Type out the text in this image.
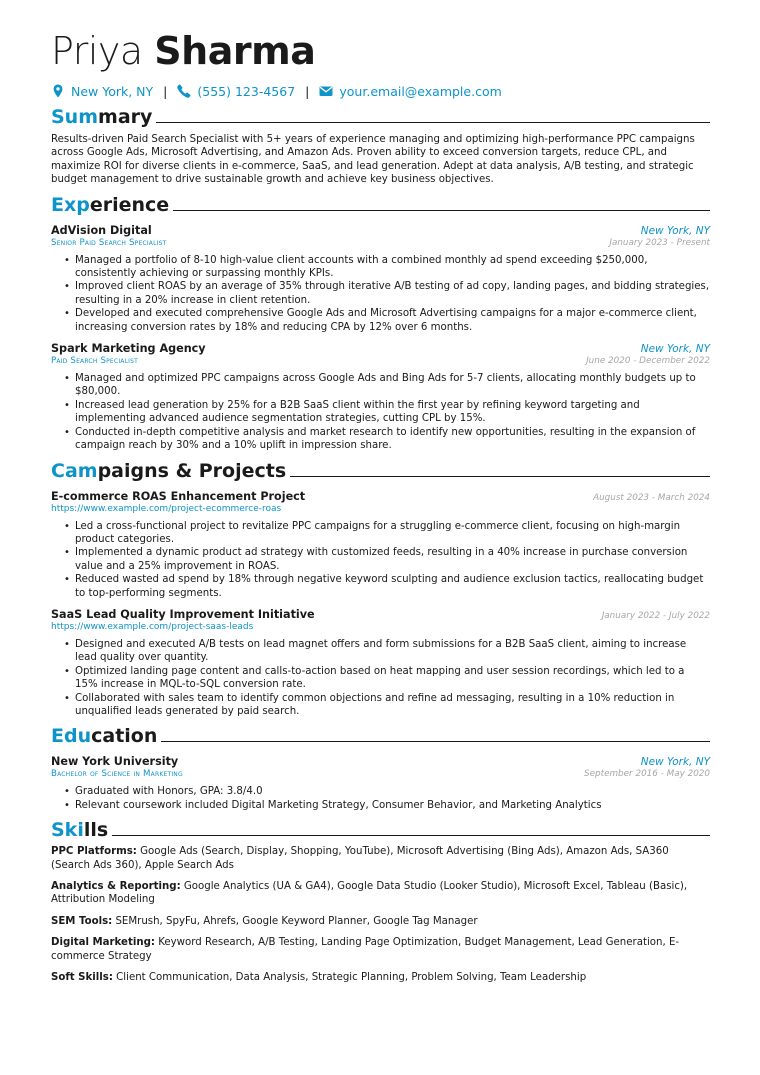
Priya Sharma
New York, NY | (555) 123-4567 | your.email@example.com
Summary

Results-driven Paid Search Specialist with 5+ years of experience managing and optimizing high-performance PPC campaigns across Google Ads, Microsoft Advertising, and Amazon Ads. Proven ability to exceed conversion targets, reduce CPL, and maximize ROI for diverse clients in e-commerce, SaaS, and lead generation. Adept at data analysis, A/B testing, and strategic budget management to drive sustainable growth and achieve key business objectives.

Experience
AdVision Digital	New York, NY
Senior Paid Search Specialist	January 2023 - Present
• Managed a portfolio of 8-10 high-value client accounts with a combined monthly ad spend exceeding $250,000, consistently achieving or surpassing monthly KPIs.
• Improved client ROAS by an average of 35% through iterative A/B testing of ad copy, landing pages, and bidding strategies, resulting in a 20% increase in client retention.
• Developed and executed comprehensive Google Ads and Microsoft Advertising campaigns for a major e-commerce client, increasing conversion rates by 18% and reducing CPA by 12% over 6 months.
Spark Marketing Agency	New York, NY
Paid Search Specialist	June 2020 - December 2022
• Managed and optimized PPC campaigns across Google Ads and Bing Ads for 5-7 clients, allocating monthly budgets up to $80,000.
• Increased lead generation by 25% for a B2B SaaS client within the first year by refining keyword targeting and implementing advanced audience segmentation strategies, cutting CPL by 15%.
• Conducted in-depth competitive analysis and market research to identify new opportunities, resulting in the expansion of campaign reach by 30% and a 10% uplift in impression share.
Campaigns & Projects
E-commerce ROAS Enhancement Project	August 2023 - March 2024
https://www.example.com/project-ecommerce-roas
• Led a cross-functional project to revitalize PPC campaigns for a struggling e-commerce client, focusing on high-margin product categories.
• Implemented a dynamic product ad strategy with customized feeds, resulting in a 40% increase in purchase conversion value and a 25% improvement in ROAS.
• Reduced wasted ad spend by 18% through negative keyword sculpting and audience exclusion tactics, reallocating budget to top-performing segments.
SaaS Lead Quality Improvement Initiative	January 2022 - July 2022
https://www.example.com/project-saas-leads
• Designed and executed A/B tests on lead magnet offers and form submissions for a B2B SaaS client, aiming to increase lead quality over quantity.
• Optimized landing page content and calls-to-action based on heat mapping and user session recordings, which led to a 15% increase in MQL-to-SQL conversion rate.
• Collaborated with sales team to identify common objections and refine ad messaging, resulting in a 10% reduction in unqualified leads generated by paid search.
Education
New York University	New York, NY
Bachelor of Science in Marketing	September 2016 - May 2020
• Graduated with Honors, GPA: 3.8/4.0
• Relevant coursework included Digital Marketing Strategy, Consumer Behavior, and Marketing Analytics
Skills

PPC Platforms: Google Ads (Search, Display, Shopping, YouTube), Microsoft Advertising (Bing Ads), Amazon Ads, SA360 (Search Ads 360), Apple Search Ads

Analytics & Reporting: Google Analytics (UA & GA4), Google Data Studio (Looker Studio), Microsoft Excel, Tableau (Basic), Attribution Modeling

SEM Tools: SEMrush, SpyFu, Ahrefs, Google Keyword Planner, Google Tag Manager

Digital Marketing: Keyword Research, A/B Testing, Landing Page Optimization, Budget Management, Lead Generation, E-commerce Strategy

Soft Skills: Client Communication, Data Analysis, Strategic Planning, Problem Solving, Team Leadership
